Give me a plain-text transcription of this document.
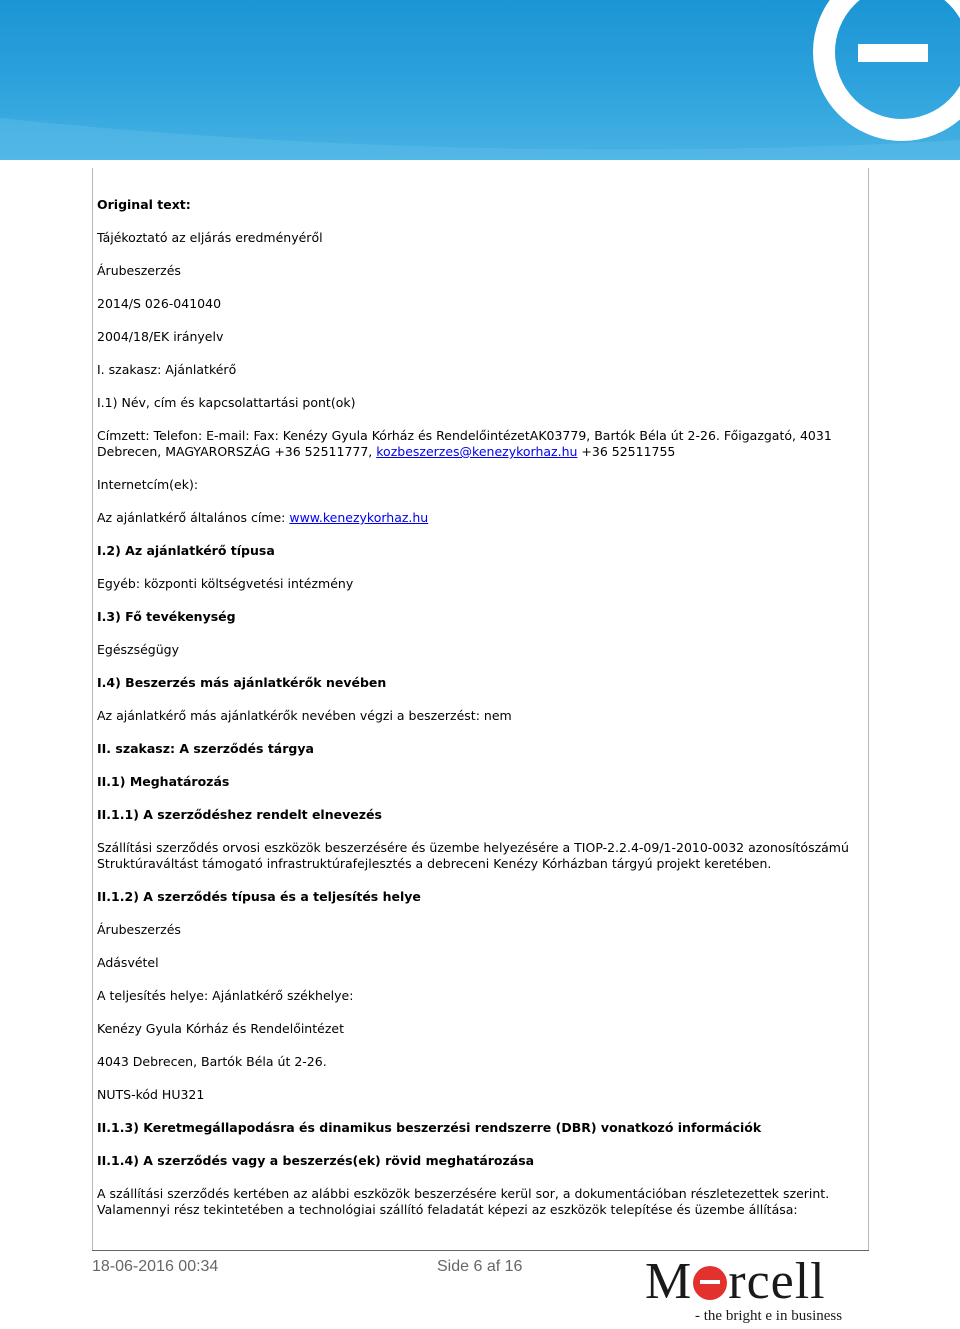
Original text:

Tájékoztató az eljárás eredményéről

Árubeszerzés

2014/S 026-041040

2004/18/EK irányelv

I. szakasz: Ajánlatkérő

I.1) Név, cím és kapcsolattartási pont(ok)

Címzett: Telefon: E-mail: Fax: Kenézy Gyula Kórház és RendelőintézetAK03779, Bartók Béla út 2-26. Főigazgató, 4031 Debrecen, MAGYARORSZÁG +36 52511777, kozbeszerzes@kenezykorhaz.hu +36 52511755

Internetcím(ek):

Az ajánlatkérő általános címe: www.kenezykorhaz.hu

I.2) Az ajánlatkérő típusa

Egyéb: központi költségvetési intézmény

I.3) Fő tevékenység

Egészségügy

I.4) Beszerzés más ajánlatkérők nevében

Az ajánlatkérő más ajánlatkérők nevében végzi a beszerzést: nem

II. szakasz: A szerződés tárgya

II.1) Meghatározás

II.1.1) A szerződéshez rendelt elnevezés

Szállítási szerződés orvosi eszközök beszerzésére és üzembe helyezésére a TIOP-2.2.4-09/1-2010-0032 azonosítószámú Struktúraváltást támogató infrastruktúrafejlesztés a debreceni Kenézy Kórházban tárgyú projekt keretében.

II.1.2) A szerződés típusa és a teljesítés helye

Árubeszerzés

Adásvétel

A teljesítés helye: Ajánlatkérő székhelye:

Kenézy Gyula Kórház és Rendelőintézet

4043 Debrecen, Bartók Béla út 2-26.

NUTS-kód HU321

II.1.3) Keretmegállapodásra és dinamikus beszerzési rendszerre (DBR) vonatkozó információk

II.1.4) A szerződés vagy a beszerzés(ek) rövid meghatározása

A szállítási szerződés kertében az alábbi eszközök beszerzésére kerül sor, a dokumentációban részletezettek szerint. Valamennyi rész tekintetében a technológiai szállító feladatát képezi az eszközök telepítése és üzembe állítása:

18-06-2016 00:34	Side 6 af 16 M rcell
- the bright e in business
